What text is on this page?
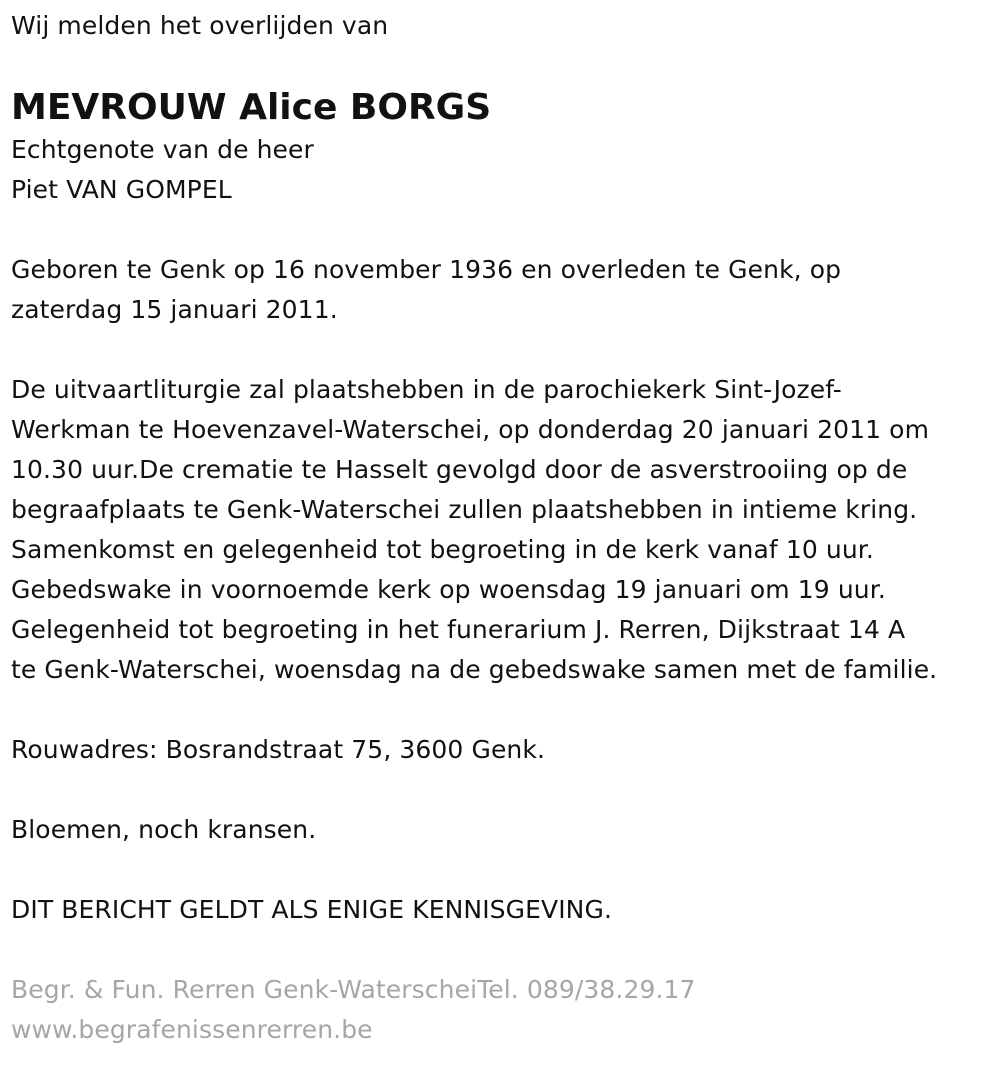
Wij melden het overlijden van
MEVROUW Alice BORGS
Echtgenote van de heer
Piet VAN GOMPEL
Geboren te Genk op 16 november 1936 en overleden te Genk, op
zaterdag 15 januari 2011.
De uitvaartliturgie zal plaatshebben in de parochiekerk Sint-Jozef-
Werkman te Hoevenzavel-Waterschei, op donderdag 20 januari 2011 om
10.30 uur.De crematie te Hasselt gevolgd door de asverstrooiing op de
begraafplaats te Genk-Waterschei zullen plaatshebben in intieme kring.
Samenkomst en gelegenheid tot begroeting in de kerk vanaf 10 uur.
Gebedswake in voornoemde kerk op woensdag 19 januari om 19 uur.
Gelegenheid tot begroeting in het funerarium J. Rerren, Dijkstraat 14 A
te Genk-Waterschei, woensdag na de gebedswake samen met de familie.
Rouwadres: Bosrandstraat 75, 3600 Genk.
Bloemen, noch kransen.
DIT BERICHT GELDT ALS ENIGE KENNISGEVING.
Begr. & Fun. Rerren Genk-WaterscheiTel. 089/38.29.17
www.begrafenissenrerren.be
